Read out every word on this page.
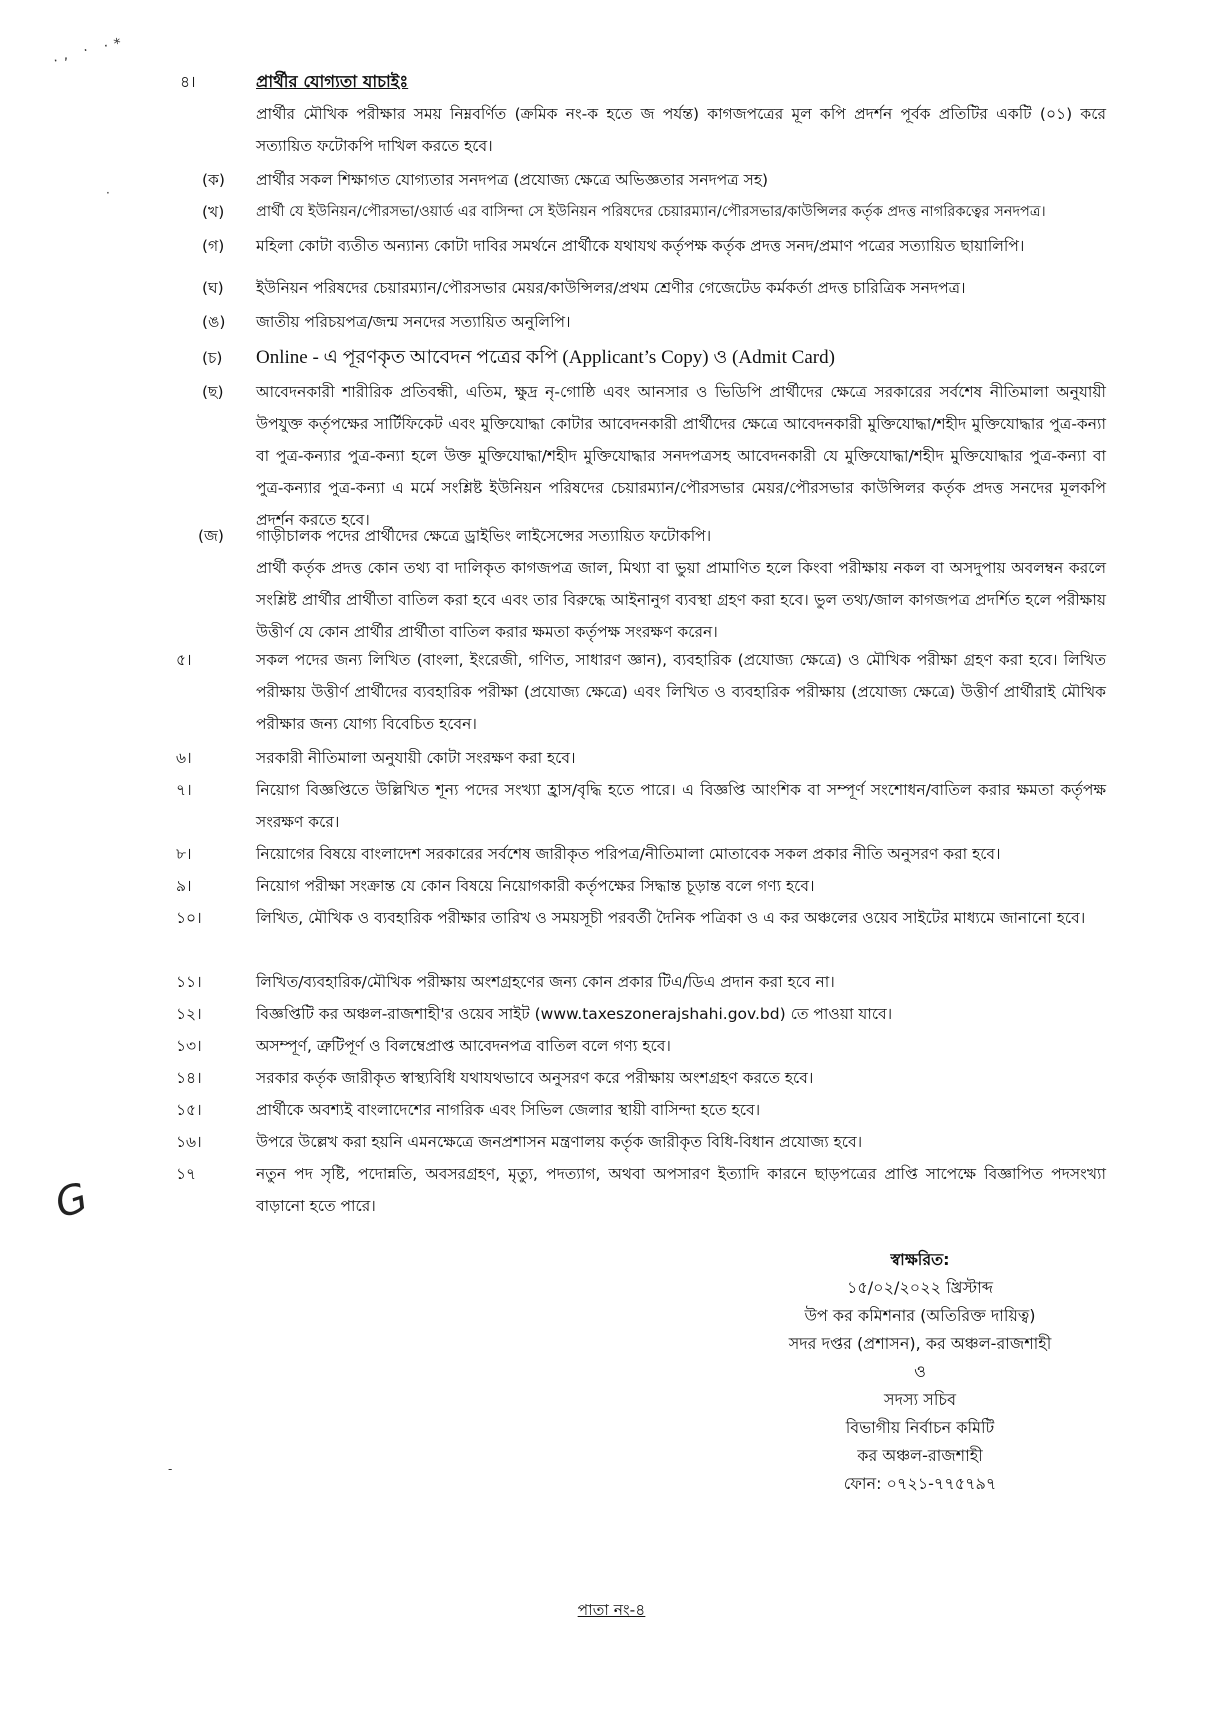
., · ·*
·
-
G
৪।	প্রার্থীর যোগ্যতা যাচাইঃ
প্রার্থীর মৌখিক পরীক্ষার সময় নিম্নবর্ণিত (ক্রমিক নং-ক হতে জ পর্যন্ত) কাগজপত্রের মূল কপি প্রদর্শন পূর্বক প্রতিটির একটি (০১) করে সত্যায়িত ফটোকপি দাখিল করতে হবে।
(ক) প্রার্থীর সকল শিক্ষাগত যোগ্যতার সনদপত্র (প্রযোজ্য ক্ষেত্রে অভিজ্ঞতার সনদপত্র সহ)
(খ) প্রার্থী যে ইউনিয়ন/পৌরসভা/ওয়ার্ড এর বাসিন্দা সে ইউনিয়ন পরিষদের চেয়ারম্যান/পৌরসভার/কাউন্সিলর কর্তৃক প্রদত্ত নাগরিকত্বের সনদপত্র।
(গ) মহিলা কোটা ব্যতীত অন্যান্য কোটা দাবির সমর্থনে প্রার্থীকে যথাযথ কর্তৃপক্ষ কর্তৃক প্রদত্ত সনদ/প্রমাণ পত্রের সত্যায়িত ছায়ালিপি।
(ঘ) ইউনিয়ন পরিষদের চেয়ারম্যান/পৌরসভার মেয়র/কাউন্সিলর/প্রথম শ্রেণীর গেজেটেড কর্মকর্তা প্রদত্ত চারিত্রিক সনদপত্র।
(ঙ) জাতীয় পরিচয়পত্র/জন্ম সনদের সত্যায়িত অনুলিপি।
(চ) Online - এ পূরণকৃত আবেদন পত্রের কপি (Applicant’s Copy) ও (Admit Card)
(ছ) আবেদনকারী শারীরিক প্রতিবন্ধী, এতিম, ক্ষুদ্র নৃ-গোষ্ঠি এবং আনসার ও ভিডিপি প্রার্থীদের ক্ষেত্রে সরকারের সর্বশেষ নীতিমালা অনুযায়ী উপযুক্ত কর্তৃপক্ষের সার্টিফিকেট এবং মুক্তিযোদ্ধা কোটার আবেদনকারী প্রার্থীদের ক্ষেত্রে আবেদনকারী মুক্তিযোদ্ধা/শহীদ মুক্তিযোদ্ধার পুত্র-কন্যা বা পুত্র-কন্যার পুত্র-কন্যা হলে উক্ত মুক্তিযোদ্ধা/শহীদ মুক্তিযোদ্ধার সনদপত্রসহ আবেদনকারী যে মুক্তিযোদ্ধা/শহীদ মুক্তিযোদ্ধার পুত্র-কন্যা বা পুত্র-কন্যার পুত্র-কন্যা এ মর্মে সংশ্লিষ্ট ইউনিয়ন পরিষদের চেয়ারম্যান/পৌরসভার মেয়র/পৌরসভার কাউন্সিলর কর্তৃক প্রদত্ত সনদের মূলকপি প্রদর্শন করতে হবে।
(জ) গাড়ীচালক পদের প্রার্থীদের ক্ষেত্রে ড্রাইভিং লাইসেন্সের সত্যায়িত ফটোকপি।
প্রার্থী কর্তৃক প্রদত্ত কোন তথ্য বা দালিকৃত কাগজপত্র জাল, মিথ্যা বা ভুয়া প্রামাণিত হলে কিংবা পরীক্ষায় নকল বা অসদুপায় অবলম্বন করলে সংশ্লিষ্ট প্রার্থীর প্রার্থীতা বাতিল করা হবে এবং তার বিরুদ্ধে আইনানুগ ব্যবস্থা গ্রহণ করা হবে। ভুল তথ্য/জাল কাগজপত্র প্রদর্শিত হলে পরীক্ষায় উত্তীর্ণ যে কোন প্রার্থীর প্রার্থীতা বাতিল করার ক্ষমতা কর্তৃপক্ষ সংরক্ষণ করেন।
৫।	সকল পদের জন্য লিখিত (বাংলা, ইংরেজী, গণিত, সাধারণ জ্ঞান), ব্যবহারিক (প্রযোজ্য ক্ষেত্রে) ও মৌখিক পরীক্ষা গ্রহণ করা হবে। লিখিত পরীক্ষায় উত্তীর্ণ প্রার্থীদের ব্যবহারিক পরীক্ষা (প্রযোজ্য ক্ষেত্রে) এবং লিখিত ও ব্যবহারিক পরীক্ষায় (প্রযোজ্য ক্ষেত্রে) উত্তীর্ণ প্রার্থীরাই মৌখিক পরীক্ষার জন্য যোগ্য বিবেচিত হবেন।
৬।	সরকারী নীতিমালা অনুযায়ী কোটা সংরক্ষণ করা হবে।
৭।	নিয়োগ বিজ্ঞপ্তিতে উল্লিখিত শূন্য পদের সংখ্যা হ্রাস/বৃদ্ধি হতে পারে। এ বিজ্ঞপ্তি আংশিক বা সম্পূর্ণ সংশোধন/বাতিল করার ক্ষমতা কর্তৃপক্ষ সংরক্ষণ করে।
৮।	নিয়োগের বিষয়ে বাংলাদেশ সরকারের সর্বশেষ জারীকৃত পরিপত্র/নীতিমালা মোতাবেক সকল প্রকার নীতি অনুসরণ করা হবে।
৯।	নিয়োগ পরীক্ষা সংক্রান্ত যে কোন বিষয়ে নিয়োগকারী কর্তৃপক্ষের সিদ্ধান্ত চূড়ান্ত বলে গণ্য হবে।
১০।	লিখিত, মৌখিক ও ব্যবহারিক পরীক্ষার তারিখ ও সময়সূচী পরবর্তী দৈনিক পত্রিকা ও এ কর অঞ্চলের ওয়েব সাইটের মাধ্যমে জানানো হবে।
১১।	লিখিত/ব্যবহারিক/মৌখিক পরীক্ষায় অংশগ্রহণের জন্য কোন প্রকার টিএ/ডিএ প্রদান করা হবে না।
১২।	বিজ্ঞপ্তিটি কর অঞ্চল-রাজশাহী'র ওয়েব সাইট (www.taxeszonerajshahi.gov.bd) তে পাওয়া যাবে।
১৩।	অসম্পূর্ণ, ত্রুটিপূর্ণ ও বিলম্বেপ্রাপ্ত আবেদনপত্র বাতিল বলে গণ্য হবে।
১৪।	সরকার কর্তৃক জারীকৃত স্বাস্থ্যবিধি যথাযথভাবে অনুসরণ করে পরীক্ষায় অংশগ্রহণ করতে হবে।
১৫।	প্রার্থীকে অবশ্যই বাংলাদেশের নাগরিক এবং সিভিল জেলার স্থায়ী বাসিন্দা হতে হবে।
১৬।	উপরে উল্লেখ করা হয়নি এমনক্ষেত্রে জনপ্রশাসন মন্ত্রণালয় কর্তৃক জারীকৃত বিধি-বিধান প্রযোজ্য হবে।
১৭	নতুন পদ সৃষ্টি, পদোন্নতি, অবসরগ্রহণ, মৃত্যু, পদত্যাগ, অথবা অপসারণ ইত্যাদি কারনে ছাড়পত্রের প্রাপ্তি সাপেক্ষে বিজ্ঞাপিত পদসংখ্যা বাড়ানো হতে পারে।
স্বাক্ষরিত:
১৫/০২/২০২২ খ্রিস্টাব্দ
উপ কর কমিশনার (অতিরিক্ত দায়িত্ব)
সদর দপ্তর (প্রশাসন), কর অঞ্চল-রাজশাহী
ও
সদস্য সচিব
বিভাগীয় নির্বাচন কমিটি
কর অঞ্চল-রাজশাহী
ফোন: ০৭২১-৭৭৫৭৯৭
পাতা নং-৪
